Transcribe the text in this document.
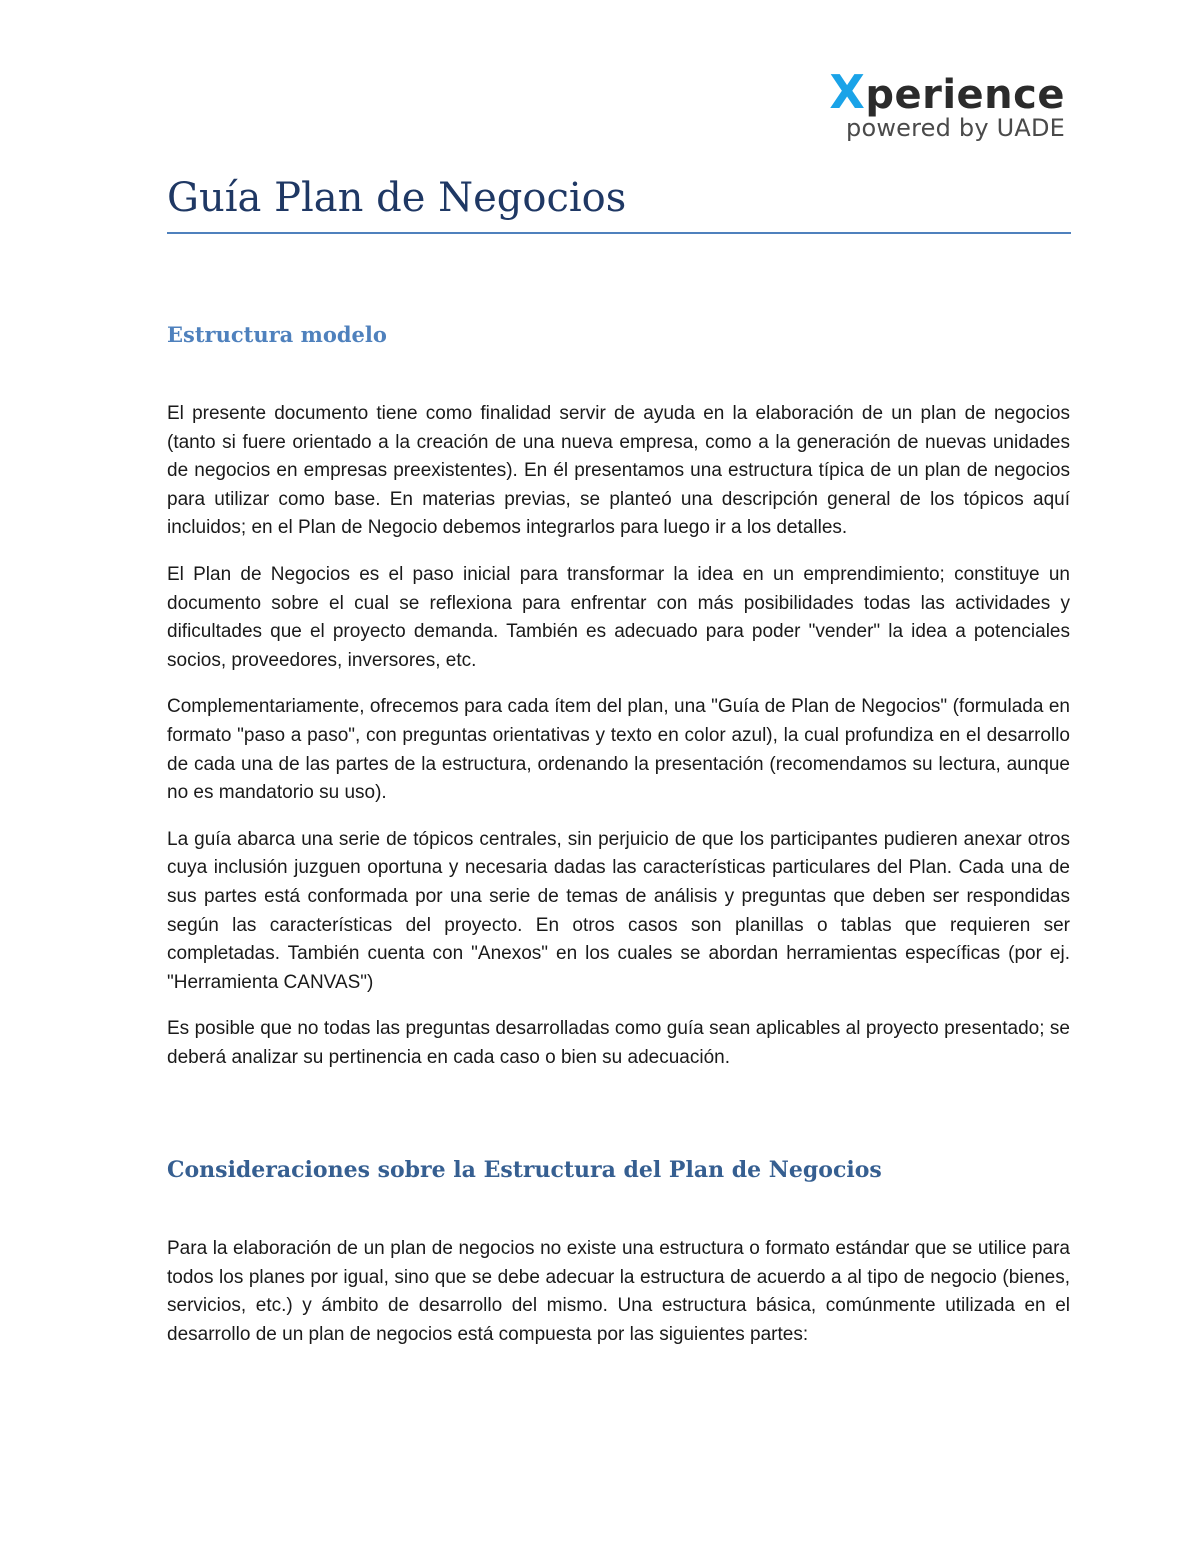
Xperience
powered by UADE
Guía Plan de Negocios
Estructura modelo

El presente documento tiene como finalidad servir de ayuda en la elaboración de un plan de negocios (tanto si fuere orientado a la creación de una nueva empresa, como a la generación de nuevas unidades de negocios en empresas preexistentes). En él presentamos una estructura típica de un plan de negocios para utilizar como base. En materias previas, se planteó una descripción general de los tópicos aquí incluidos; en el Plan de Negocio debemos integrarlos para luego ir a los detalles.

El Plan de Negocios es el paso inicial para transformar la idea en un emprendimiento; constituye un documento sobre el cual se reflexiona para enfrentar con más posibilidades todas las actividades y dificultades que el proyecto demanda. También es adecuado para poder "vender" la idea a potenciales socios, proveedores, inversores, etc.

Complementariamente, ofrecemos para cada ítem del plan, una "Guía de Plan de Negocios" (formulada en formato "paso a paso", con preguntas orientativas y texto en color azul), la cual profundiza en el desarrollo de cada una de las partes de la estructura, ordenando la presentación (recomendamos su lectura, aunque no es mandatorio su uso).

La guía abarca una serie de tópicos centrales, sin perjuicio de que los participantes pudieren anexar otros cuya inclusión juzguen oportuna y necesaria dadas las características particulares del Plan. Cada una de sus partes está conformada por una serie de temas de análisis y preguntas que deben ser respondidas según las características del proyecto. En otros casos son planillas o tablas que requieren ser completadas. También cuenta con "Anexos" en los cuales se abordan herramientas específicas (por ej. "Herramienta CANVAS")

Es posible que no todas las preguntas desarrolladas como guía sean aplicables al proyecto presentado; se deberá analizar su pertinencia en cada caso o bien su adecuación.

Consideraciones sobre la Estructura del Plan de Negocios

Para la elaboración de un plan de negocios no existe una estructura o formato estándar que se utilice para todos los planes por igual, sino que se debe adecuar la estructura de acuerdo a al tipo de negocio (bienes, servicios, etc.) y ámbito de desarrollo del mismo. Una estructura básica, comúnmente utilizada en el desarrollo de un plan de negocios está compuesta por las siguientes partes:
